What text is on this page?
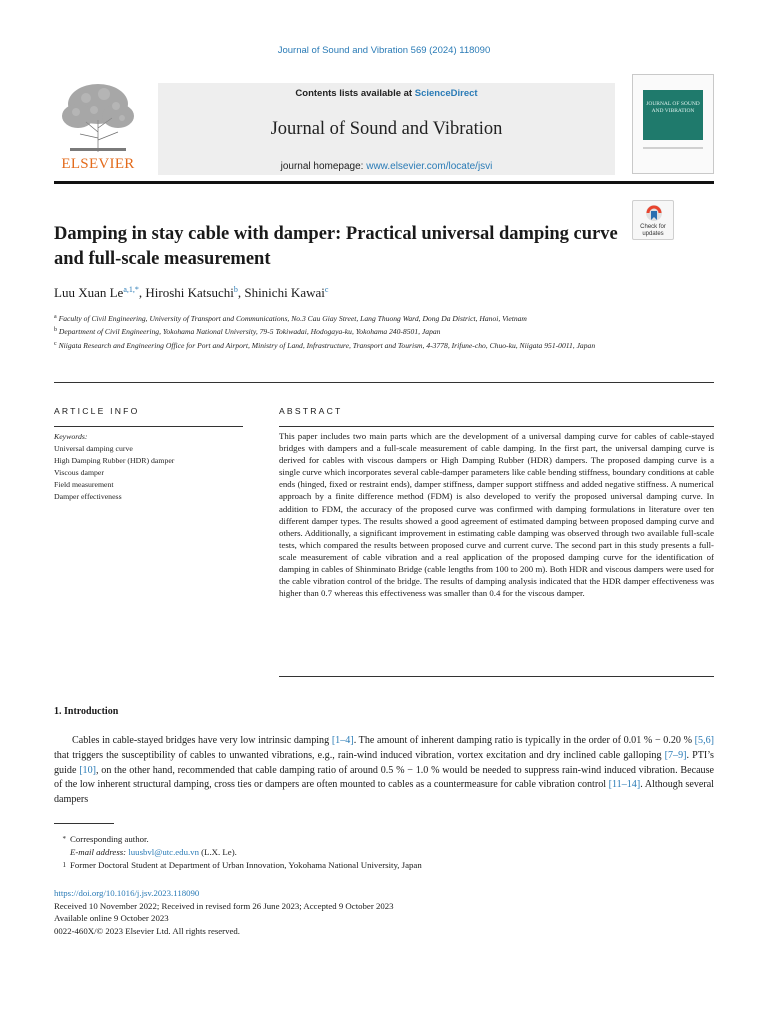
Journal of Sound and Vibration 569 (2024) 118090
ELSEVIER
Contents lists available at ScienceDirect
Journal of Sound and Vibration
journal homepage: www.elsevier.com/locate/jsvi
JOURNAL OF SOUND AND VIBRATION
Damping in stay cable with damper: Practical universal damping curve and full-scale measurement
Check for
updates
Luu Xuan $Le^{a,1,*}$, Hiroshi Katsuchi$^b$, Shinichi Kawai$^c$

$^a$ Faculty of Civil Engineering, University of Transport and Communications, No.3 Cau Giay Street, Lang Thuong Ward, Dong Da District, Hanoi, Vietnam

$^b$ Department of Civil Engineering, Yokohama National University, 79-5 Tokiwadai, Hodogaya-ku, Yokohama 240-8501, Japan

$^c$ Niigata Research and Engineering Office for Port and Airport, Ministry of Land, Infrastructure, Transport and Tourism, 4-3778, Irifune-cho, Chuo-ku, Niigata 951-0011, Japan

ARTICLE INFO	ABSTRACT
Keywords:
Universal damping curve
High Damping Rubber (HDR) damper
Viscous damper
Field measurement
Damper effectiveness

This paper includes two main parts which are the development of a universal damping curve for cables of cable-stayed bridges with dampers and a full-scale measurement of cable damping. In the first part, the universal damping curve is derived for cables with viscous dampers or High Damping Rubber (HDR) dampers. The proposed damping curve is a single curve which incorporates several cable-damper parameters like cable bending stiffness, boundary conditions at cable ends (hinged, fixed or restraint ends), damper stiffness, damper support stiffness and added negative stiffness. A numerical approach by a finite difference method (FDM) is also developed to verify the proposed universal damping curve. In addition to FDM, the accuracy of the proposed curve was confirmed with damping formulations in literature over ten different damper types. The results showed a good agreement of estimated damping between proposed damping curve and others. Additionally, a significant improvement in estimating cable damping was observed through two available full-scale tests, which compared the results between proposed curve and current curve. The second part in this study presents a full-scale measurement of cable vibration and a real application of the proposed damping curve for the identification of damping in cables of Shinminato Bridge (cable lengths from 100 to 200 m). Both HDR and viscous dampers were used for the cable vibration control of the bridge. The results of damping analysis indicated that the HDR damper effectiveness was higher than 0.7 whereas this effectiveness was smaller than 0.4 for the viscous damper.

1. Introduction

Cables in cable-stayed bridges have very low intrinsic damping [1–4]. The amount of inherent damping ratio is typically in the order of 0.01 % − 0.20 % [5,6] that triggers the susceptibility of cables to unwanted vibrations, e.g., rain-wind induced vibration, vortex excitation and dry inclined cable galloping [7–9]. PTI’s guide [10], on the other hand, recommended that cable damping ratio of around 0.5 % − 1.0 % would be needed to suppress rain-wind induced vibration. Because of the low inherent structural damping, cross ties or dampers are often mounted to cables as a countermeasure for cable vibration control [11–14]. Although several dampers

* Corresponding author.
E-mail address: luusbvl@utc.edu.vn (L.X. Le).
1 Former Doctoral Student at Department of Urban Innovation, Yokohama National University, Japan
https://doi.org/10.1016/j.jsv.2023.118090
Received 10 November 2022; Received in revised form 26 June 2023; Accepted 9 October 2023
Available online 9 October 2023
0022-460X/© 2023 Elsevier Ltd. All rights reserved.
